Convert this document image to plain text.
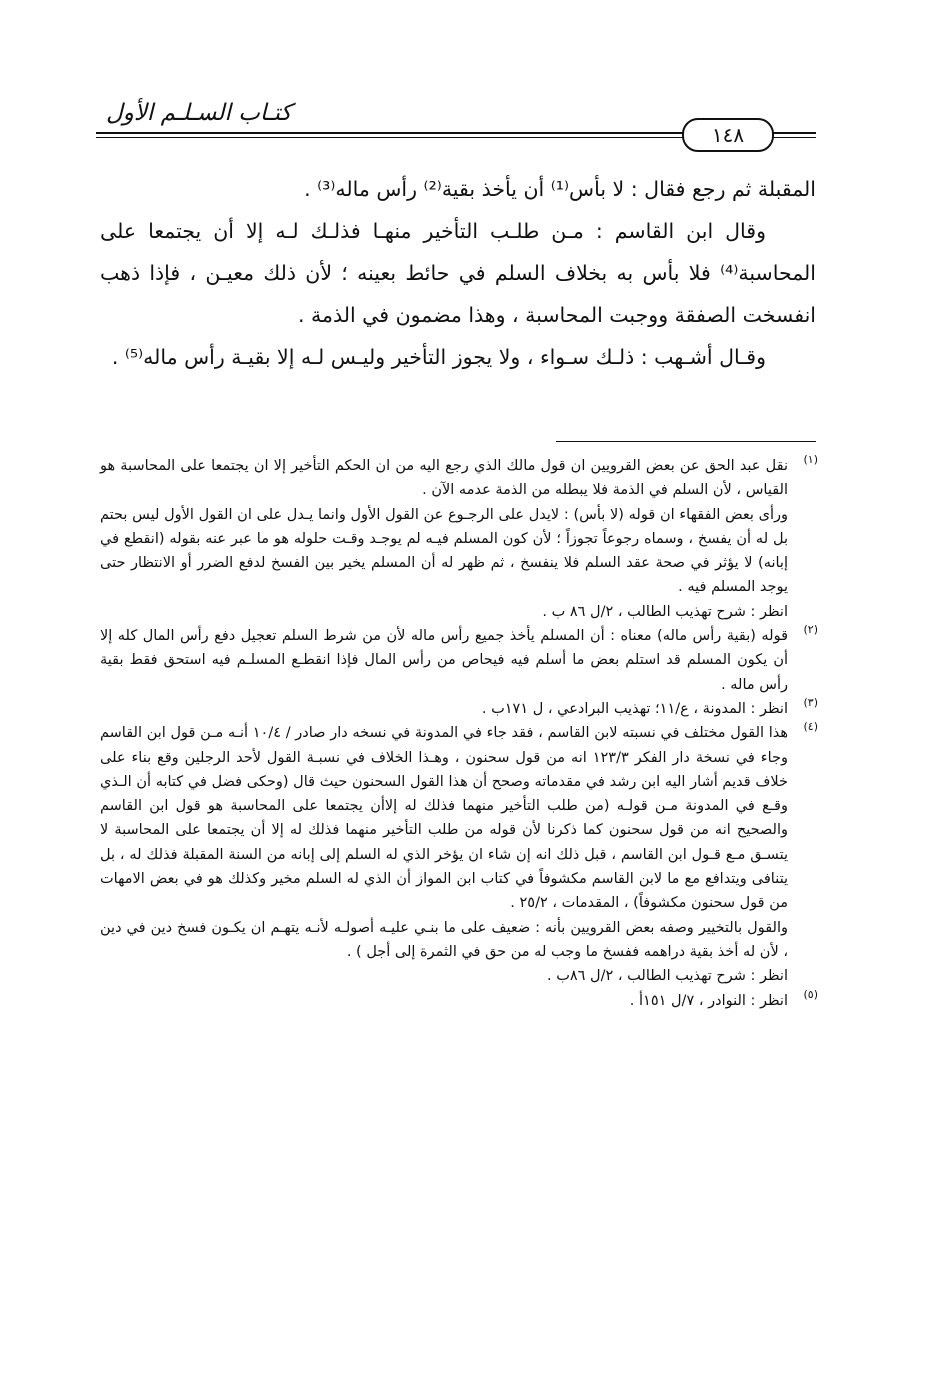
كتـاب السـلـم الأول
١٤٨

المقبلة ثم رجع فقال : لا بأس⁽¹⁾ أن يأخذ بقية⁽²⁾ رأس ماله⁽³⁾ .

وقال ابن القاسم : مـن طلـب التأخير منهـا فذلـك لـه إلا أن يجتمعا على المحاسبة⁽⁴⁾ فلا بأس به بخلاف السلم في حائط بعينه ؛ لأن ذلك معيـن ، فإذا ذهب انفسخت الصفقة ووجبت المحاسبة ، وهذا مضمون في الذمة .

وقـال أشـهب : ذلـك سـواء ، ولا يجوز التأخير وليـس لـه إلا بقيـة رأس ماله⁽⁵⁾ .

(١)

نقل عبد الحق عن بعض القرويين ان قول مالك الذي رجع اليه من ان الحكم التأخير إلا ان يجتمعا على المحاسبة هو القياس ، لأن السلم في الذمة فلا يبطله من الذمة عدمه الآن .

ورأى بعض الفقهاء ان قوله (لا بأس) : لايدل على الرجـوع عن القول الأول وانما يـدل على ان القول الأول ليس بحتم بل له أن يفسخ ، وسماه رجوعاً تجوزاً ؛ لأن كون المسلم فيـه لم يوجـد وقـت حلوله هو ما عبر عنه بقوله (انقطع في إبانه) لا يؤثر في صحة عقد السلم فلا ينفسخ ، ثم ظهر له أن المسلم يخير بين الفسخ لدفع الضرر أو الانتظار حتى يوجد المسلم فيه .

انظر : شرح تهذيب الطالب ، ٢/ل ٨٦ ب .

(٢)

قوله (بقية رأس ماله) معناه : أن المسلم يأخذ جميع رأس ماله لأن من شرط السلم تعجيل دفع رأس المال كله إلا أن يكون المسلم قد استلم بعض ما أسلم فيه فيحاص من رأس المال فإذا انقطـع المسلـم فيه استحق فقط بقية رأس ماله .

(٣)

انظر : المدونة ، ع/١١؛ تهذيب البرادعي ، ل ١٧١ب .

(٤)

هذا القول مختلف في نسبته لابن القاسم ، فقد جاء في المدونة في نسخه دار صادر / ١٠/٤ أنـه مـن قول ابن القاسم وجاء في نسخة دار الفكر ١٢٣/٣ انه من قول سحنون ، وهـذا الخلاف في نسبـة القول لأحد الرجلين وقع بناء على خلاف قديم أشار اليه ابن رشد في مقدماته وصحح أن هذا القول السحنون حيث قال (وحكى فضل في كتابه أن الـذي وقـع في المدونة مـن قولـه (من طلب التأخير منهما فذلك له إلاأن يجتمعا على المحاسبة هو قول ابن القاسم والصحيح انه من قول سحنون كما ذكرنا لأن قوله من طلب التأخير منهما فذلك له إلا أن يجتمعا على المحاسبة لا يتسـق مـع قـول ابن القاسم ، قبل ذلك انه إن شاء ان يؤخر الذي له السلم إلى إبانه من السنة المقبلة فذلك له ، بل يتنافى ويتدافع مع ما لابن القاسم مكشوفاً في كتاب ابن المواز أن الذي له السلم مخير وكذلك هو في بعض الامهات من قول سحنون مكشوفاً) ، المقدمات ، ٢٥/٢ .

والقول بالتخيير وصفه بعض القرويين بأنه : ضعيف على ما بنـي عليـه أصولـه لأنـه يتهـم ان يكـون فسخ دين في دين ، لأن له أخذ بقية دراهمه ففسخ ما وجب له من حق في الثمرة إلى أجل ) .

انظر : شرح تهذيب الطالب ، ٢/ل ٨٦ب .

(٥)

انظر : النوادر ، ٧/ل ١٥١أ .
